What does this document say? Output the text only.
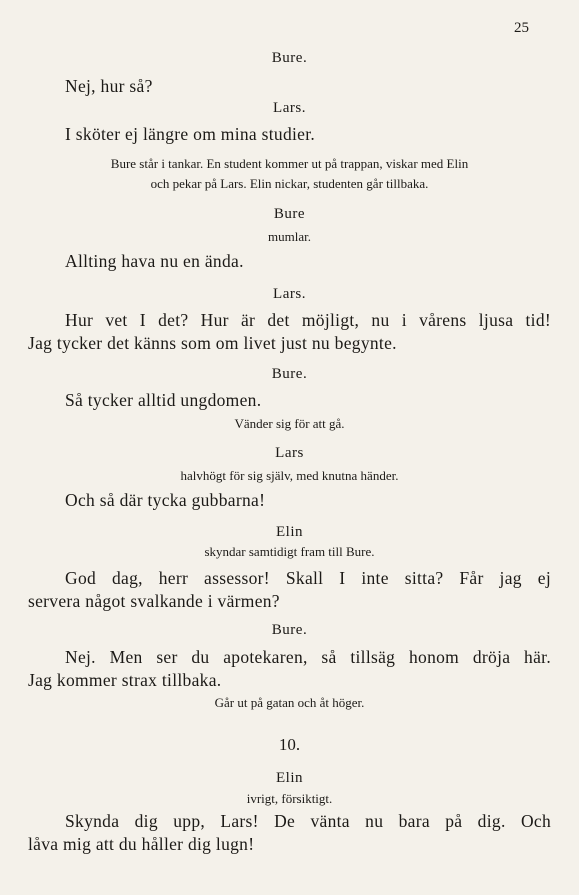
25
Bure.
Nej, hur så?
Lars.
I sköter ej längre om mina studier.
Bure står i tankar. En student kommer ut på trappan, viskar med Elin
och pekar på Lars. Elin nickar, studenten går tillbaka.
Bure
mumlar.
Allting hava nu en ända.
Lars.
Hur vet I det? Hur är det möjligt, nu i vårens ljusa tid!
Jag tycker det känns som om livet just nu begynte.
Bure.
Så tycker alltid ungdomen.
Vänder sig för att gå.
Lars
halvhögt för sig själv, med knutna händer.
Och så där tycka gubbarna!
Elin
skyndar samtidigt fram till Bure.
God dag, herr assessor! Skall I inte sitta? Får jag ej
servera något svalkande i värmen?
Bure.
Nej. Men ser du apotekaren, så tillsäg honom dröja här.
Jag kommer strax tillbaka.
Går ut på gatan och åt höger.
10.
Elin
ivrigt, försiktigt.
Skynda dig upp, Lars! De vänta nu bara på dig. Och
låva mig att du håller dig lugn!
